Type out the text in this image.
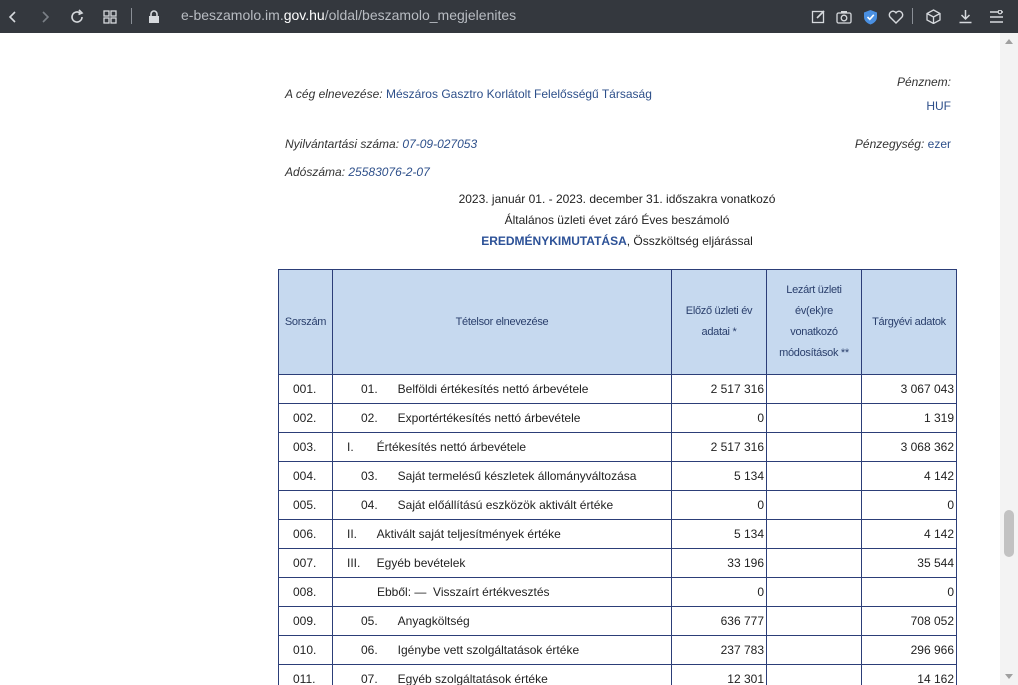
e-beszamolo.im.gov.hu/oldal/beszamolo_megjelenites
A cég elnevezése: Mészáros Gasztro Korlátolt Felelősségű Társaság
Nyilvántartási száma: 07-09-027053
Adószáma: 25583076-2-07
Pénznem:
HUF
Pénzegység: ezer
2023. január 01. - 2023. december 31. időszakra vonatkozó
Általános üzleti évet záró Éves beszámoló
EREDMÉNYKIMUTATÁSA, Összköltség eljárással
Sorszám	Tételsor elnevezése	Előző üzleti év adatai *	Lezárt üzleti év(ek)re vonatkozó módosítások **	Tárgyévi adatok
001.	01. Belföldi értékesítés nettó árbevétele	2 517 316		3 067 043
002.	02. Exportértékesítés nettó árbevétele	0		1 319
003.	I. Értékesítés nettó árbevétele	2 517 316		3 068 362
004.	03. Saját termelésű készletek állományváltozása	5 134		4 142
005.	04. Saját előállítású eszközök aktivált értéke	0		0
006.	II. Aktivált saját teljesítmények értéke	5 134		4 142
007.	III. Egyéb bevételek	33 196		35 544
008.	Ebből: — Visszaírt értékvesztés	0		0
009.	05. Anyagköltség	636 777		708 052
010.	06. Igénybe vett szolgáltatások értéke	237 783		296 966
011.	07. Egyéb szolgáltatások értéke	12 301		14 162
